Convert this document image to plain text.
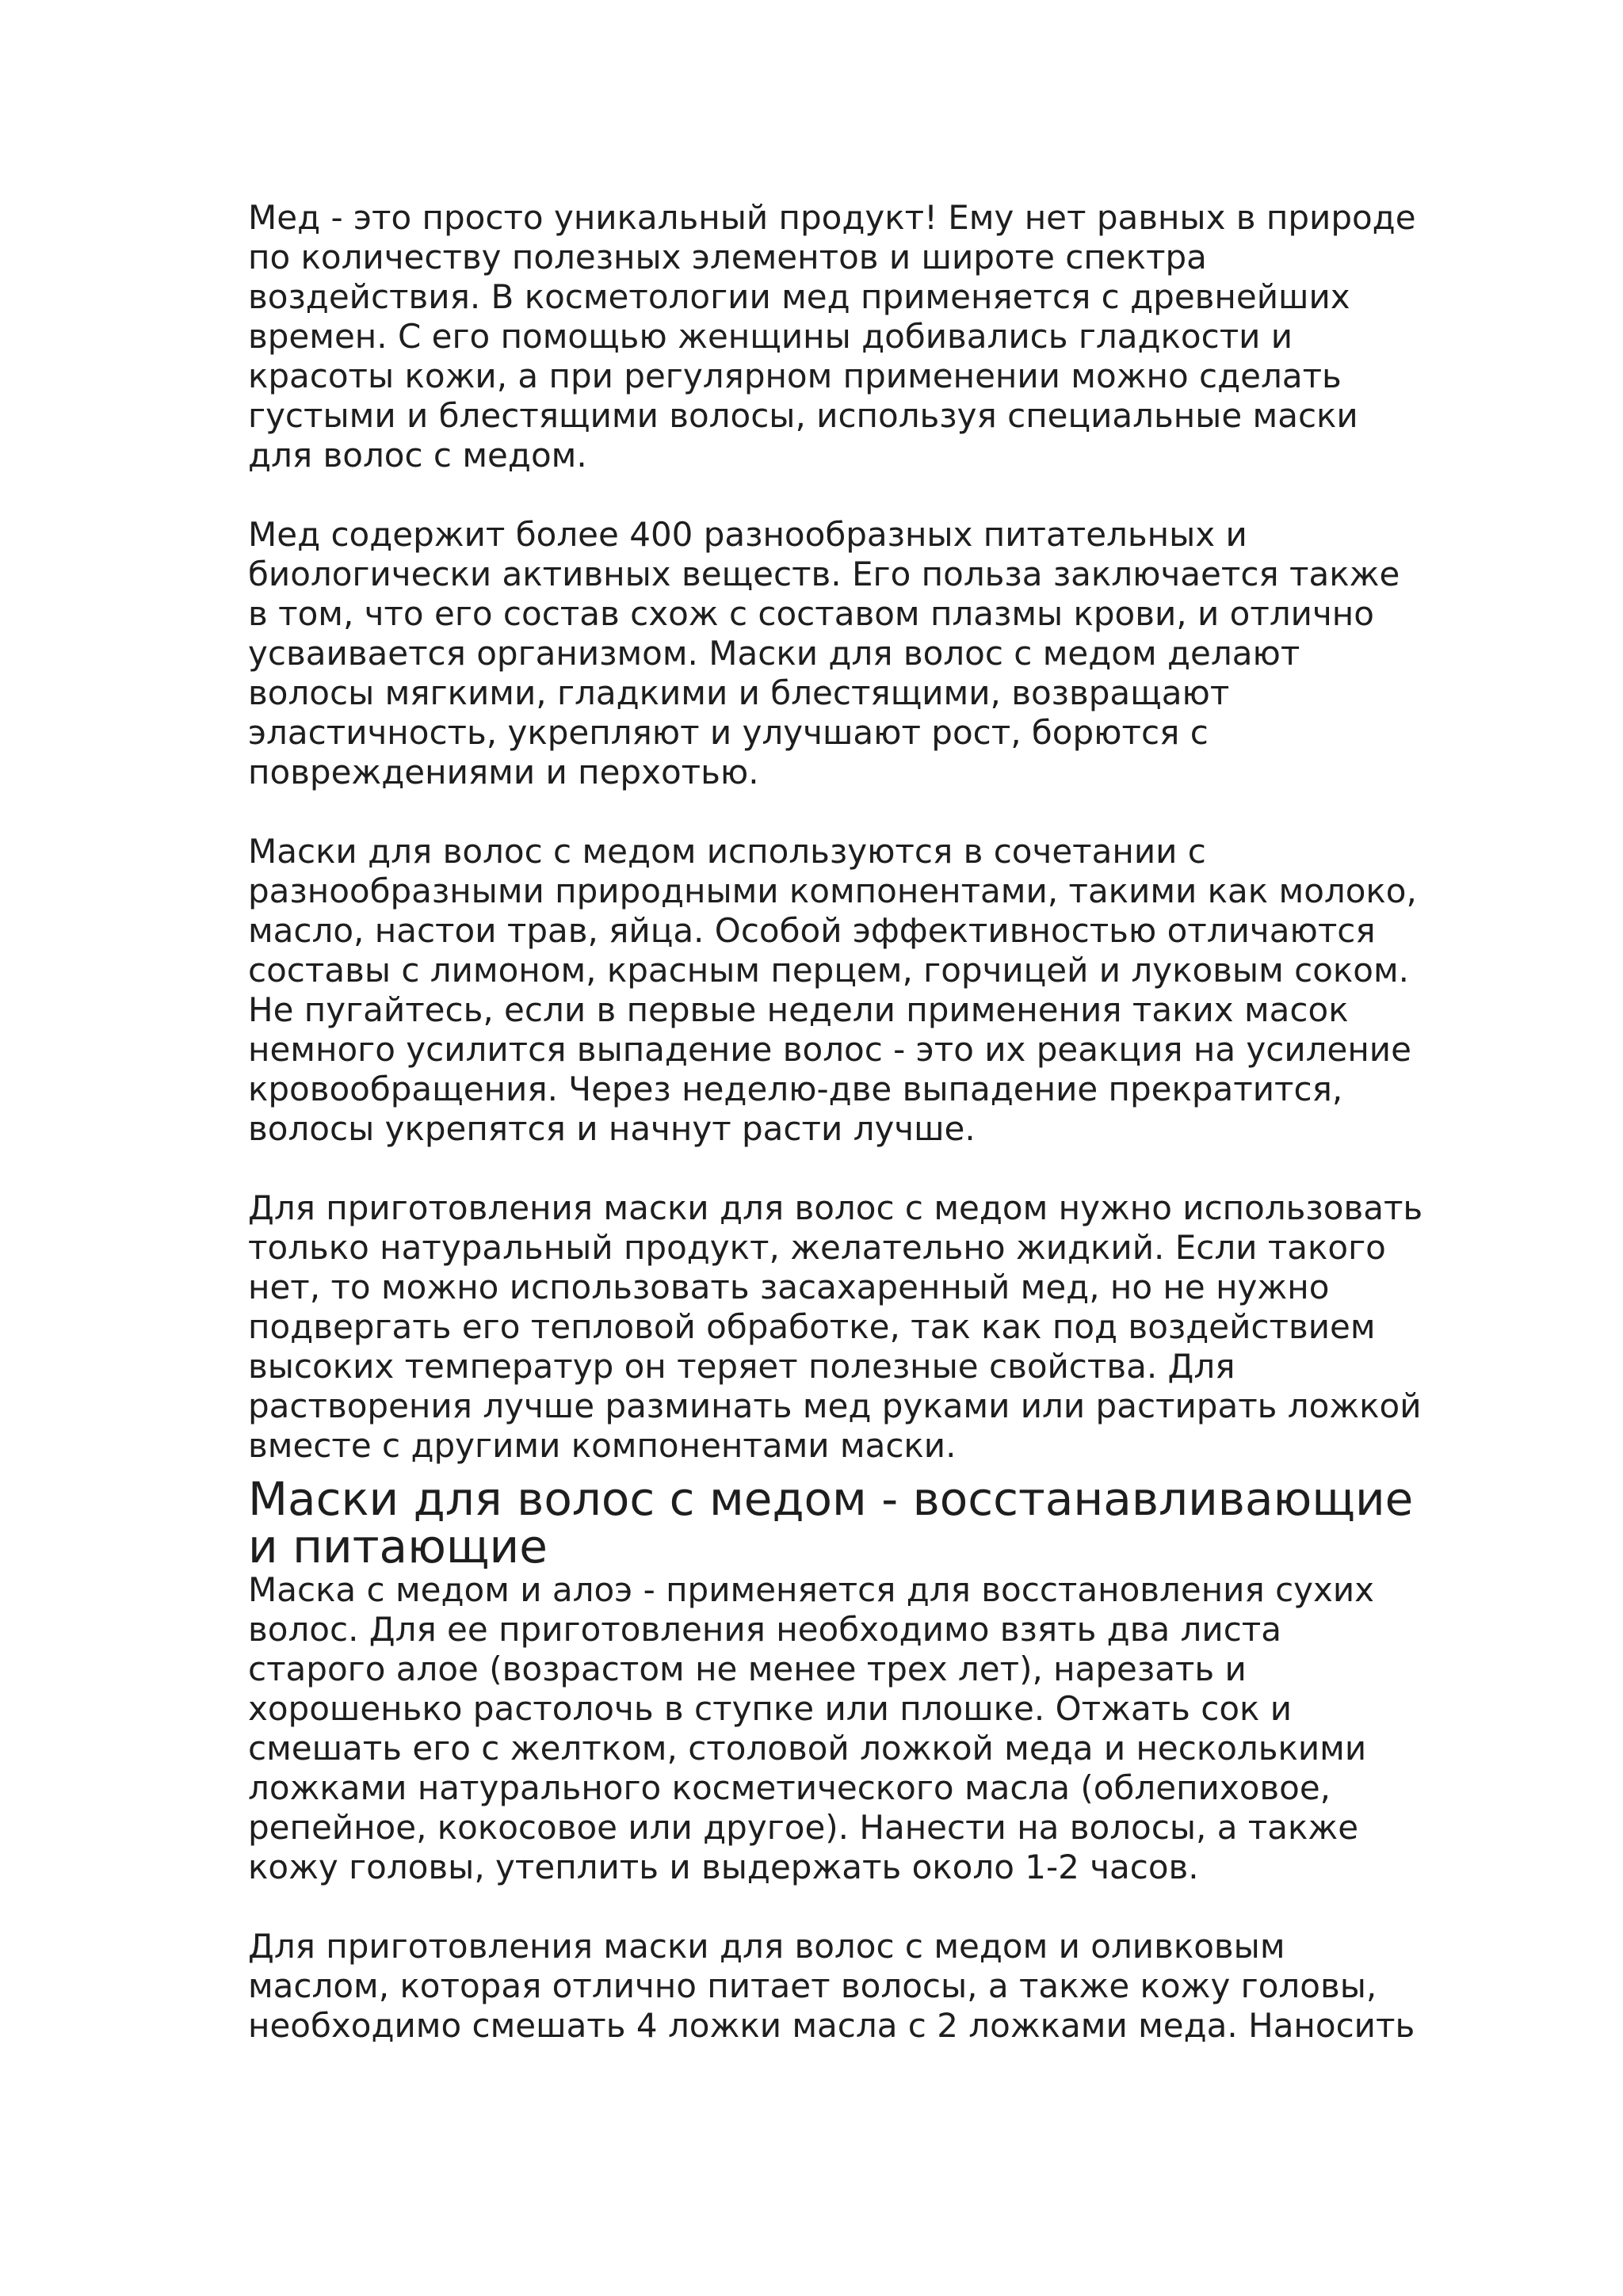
Мед - это просто уникальный продукт! Ему нет равных в природе
по количеству полезных элементов и широте спектра
воздействия. В косметологии мед применяется с древнейших
времен. С его помощью женщины добивались гладкости и
красоты кожи, а при регулярном применении можно сделать
густыми и блестящими волосы, используя специальные маски
для волос с медом.

Мед содержит более 400 разнообразных питательных и
биологически активных веществ. Его польза заключается также
в том, что его состав схож с составом плазмы крови, и отлично
усваивается организмом. Маски для волос с медом делают
волосы мягкими, гладкими и блестящими, возвращают
эластичность, укрепляют и улучшают рост, борются с
повреждениями и перхотью.

Маски для волос с медом используются в сочетании с
разнообразными природными компонентами, такими как молоко,
масло, настои трав, яйца. Особой эффективностью отличаются
составы с лимоном, красным перцем, горчицей и луковым соком.
Не пугайтесь, если в первые недели применения таких масок
немного усилится выпадение волос - это их реакция на усиление
кровообращения. Через неделю-две выпадение прекратится,
волосы укрепятся и начнут расти лучше.

Для приготовления маски для волос с медом нужно использовать
только натуральный продукт, желательно жидкий. Если такого
нет, то можно использовать засахаренный мед, но не нужно
подвергать его тепловой обработке, так как под воздействием
высоких температур он теряет полезные свойства. Для
растворения лучше разминать мед руками или растирать ложкой
вместе с другими компонентами маски.

Маски для волос с медом - восстанавливающие
и питающие

Маска с медом и алоэ - применяется для восстановления сухих
волос. Для ее приготовления необходимо взять два листа
старого алое (возрастом не менее трех лет), нарезать и
хорошенько растолочь в ступке или плошке. Отжать сок и
смешать его с желтком, столовой ложкой меда и несколькими
ложками натурального косметического масла (облепиховое,
репейное, кокосовое или другое). Нанести на волосы, а также
кожу головы, утеплить и выдержать около 1-2 часов.

Для приготовления маски для волос с медом и оливковым
маслом, которая отлично питает волосы, а также кожу головы,
необходимо смешать 4 ложки масла с 2 ложками меда. Наносить
